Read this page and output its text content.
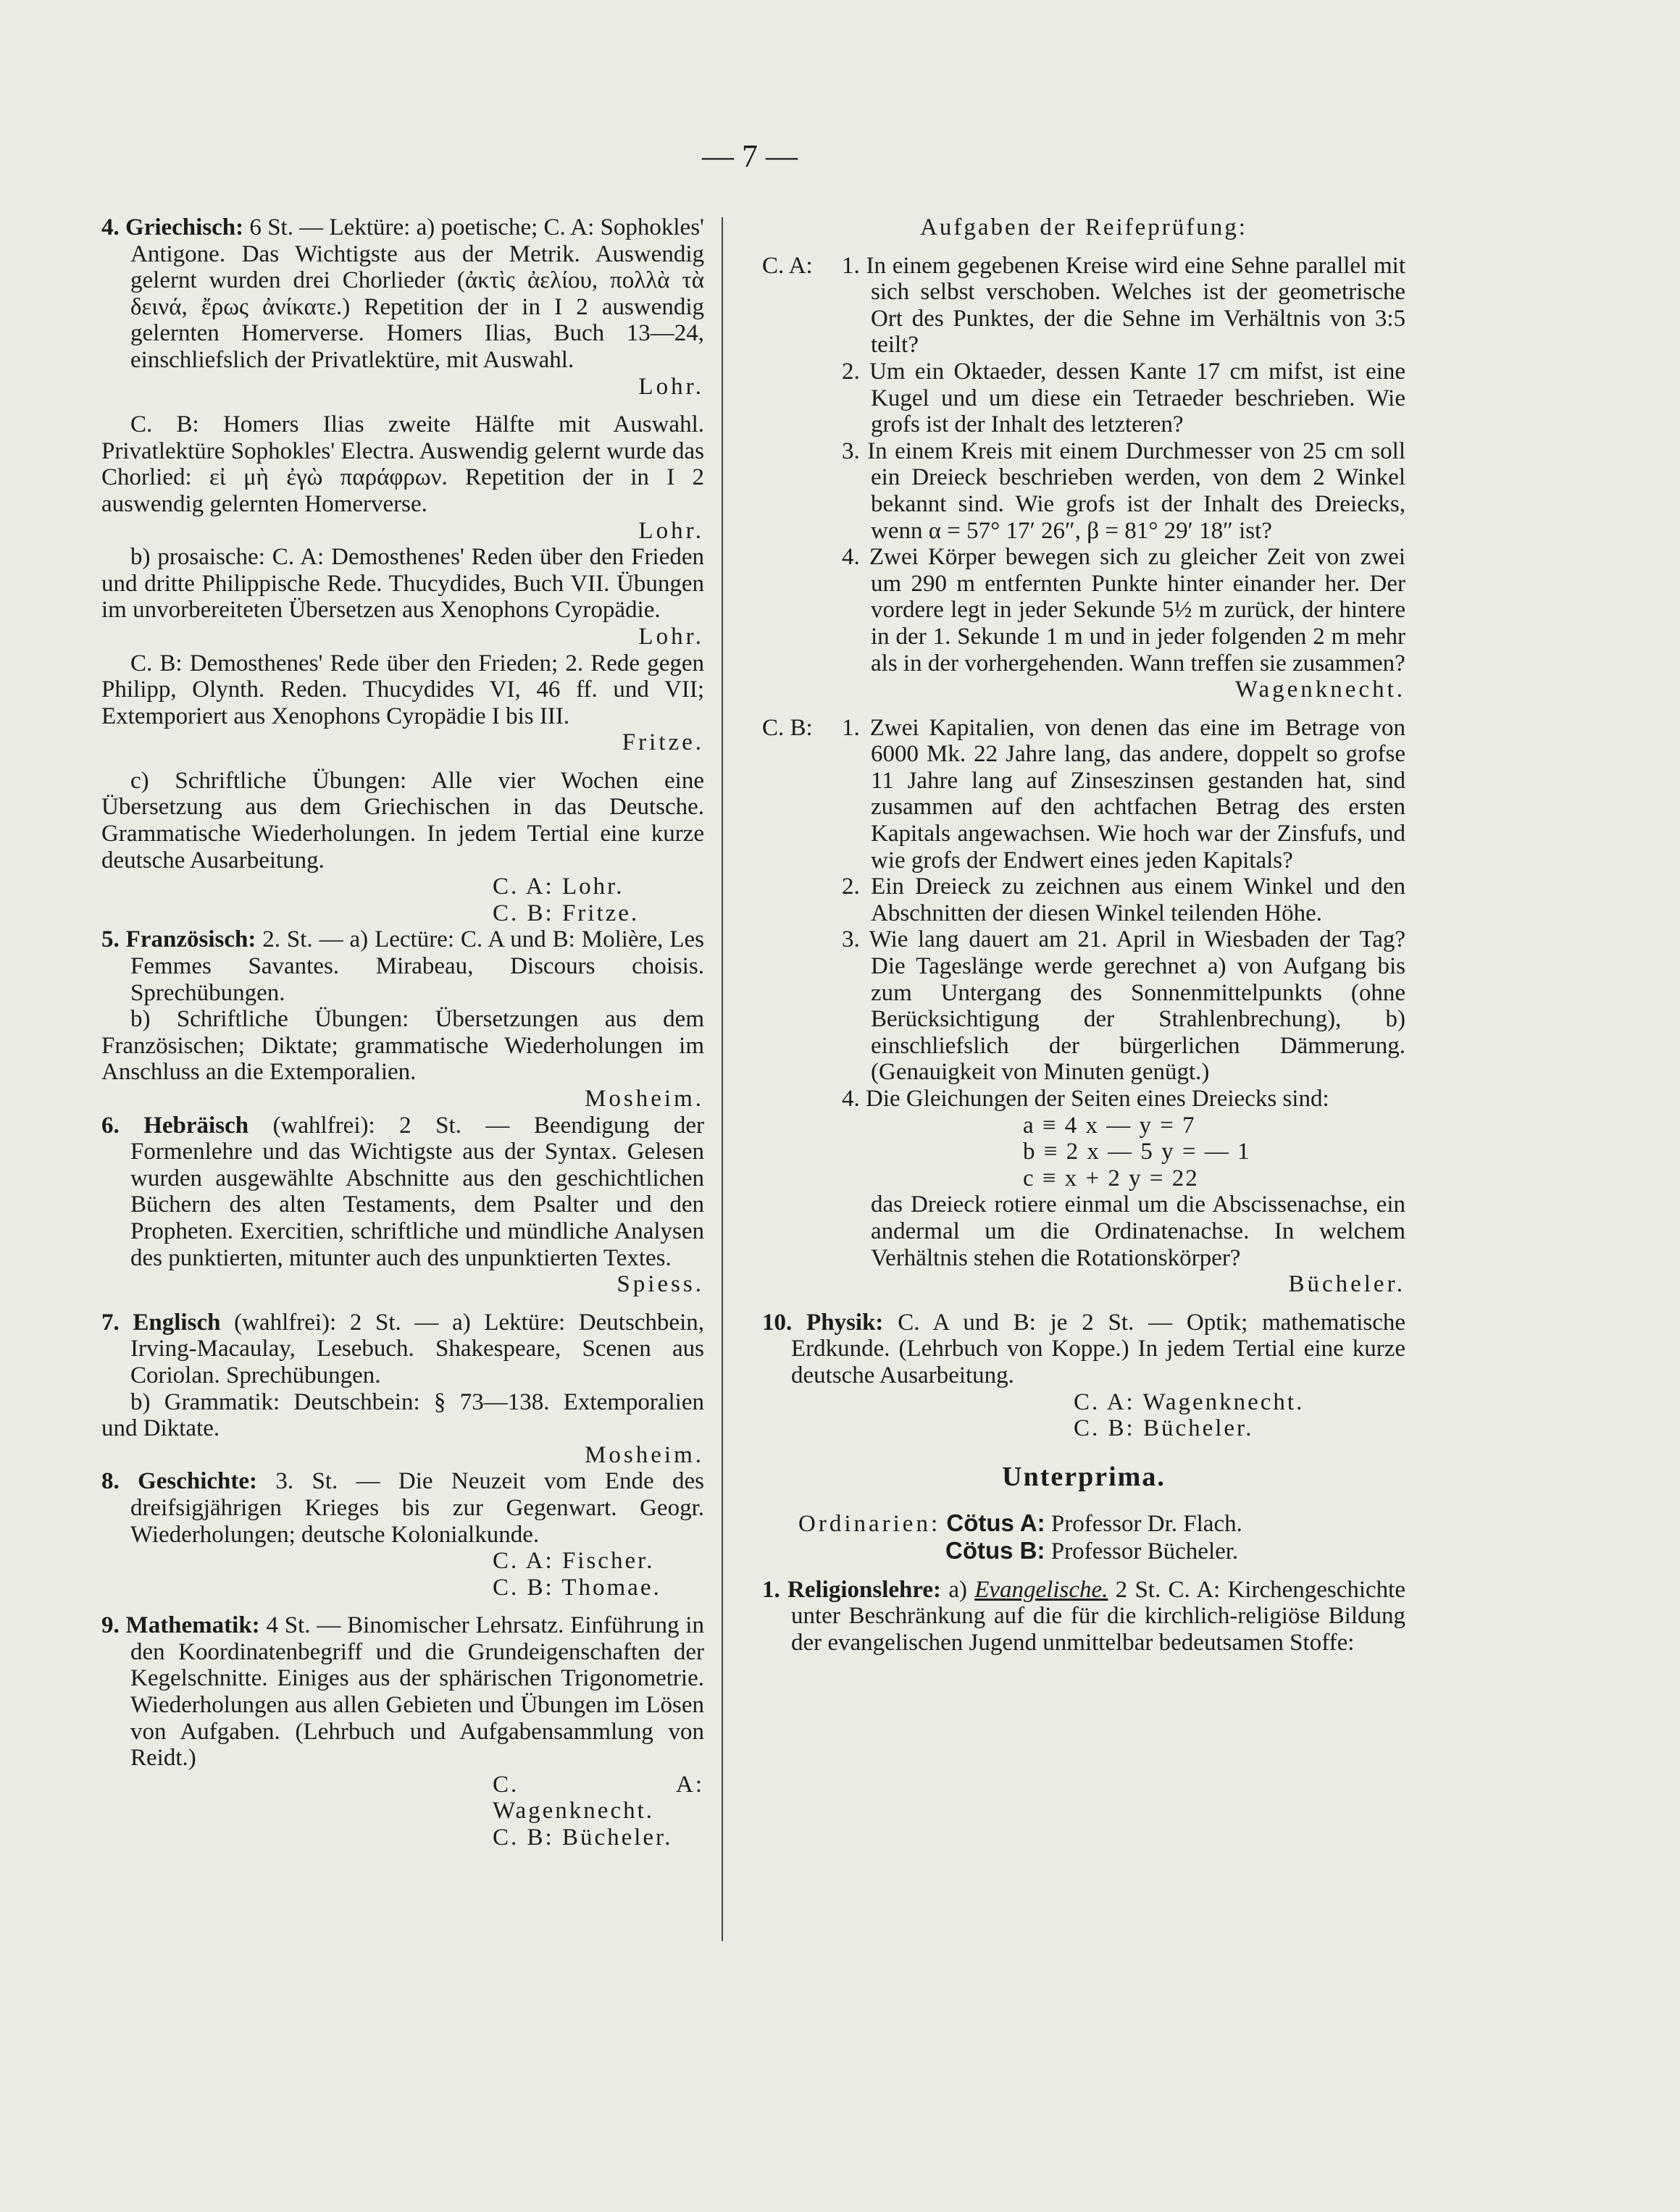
— 7 —

4. Griechisch: 6 St. — Lektüre: a) poetische; C. A: Sophokles' Antigone. Das Wichtigste aus der Metrik. Auswendig gelernt wurden drei Chorlieder (ἀκτὶς ἀελίου, πολλὰ τὰ δεινά, ἔρως ἀνίκατε.) Repetition der in I 2 auswendig gelernten Homerverse. Homers Ilias, Buch 13—24, einschliefslich der Privatlektüre, mit Auswahl.

Lohr.

C. B: Homers Ilias zweite Hälfte mit Auswahl. Privatlektüre Sophokles' Electra. Auswendig gelernt wurde das Chorlied: εἰ μὴ ἐγὼ παράφρων. Repetition der in I 2 auswendig gelernten Homerverse.

Lohr.

b) prosaische: C. A: Demosthenes' Reden über den Frieden und dritte Philippische Rede. Thucydides, Buch VII. Übungen im unvorbereiteten Übersetzen aus Xenophons Cyropädie.

Lohr.

C. B: Demosthenes' Rede über den Frieden; 2. Rede gegen Philipp, Olynth. Reden. Thucydides VI, 46 ff. und VII; Extemporiert aus Xenophons Cyropädie I bis III.

Fritze.

c) Schriftliche Übungen: Alle vier Wochen eine Übersetzung aus dem Griechischen in das Deutsche. Grammatische Wiederholungen. In jedem Tertial eine kurze deutsche Ausarbeitung.

C. A: Lohr.

C. B: Fritze.

5. Französisch: 2. St. — a) Lectüre: C. A und B: Molière, Les Femmes Savantes. Mirabeau, Discours choisis. Sprechübungen.

b) Schriftliche Übungen: Übersetzungen aus dem Französischen; Diktate; grammatische Wiederholungen im Anschluss an die Extemporalien.

Mosheim.

6. Hebräisch (wahlfrei): 2 St. — Beendigung der Formenlehre und das Wichtigste aus der Syntax. Gelesen wurden ausgewählte Abschnitte aus den geschichtlichen Büchern des alten Testaments, dem Psalter und den Propheten. Exercitien, schriftliche und mündliche Analysen des punktierten, mitunter auch des unpunktierten Textes.

Spiess.

7. Englisch (wahlfrei): 2 St. — a) Lektüre: Deutschbein, Irving-Macaulay, Lesebuch. Shakespeare, Scenen aus Coriolan. Sprechübungen.

b) Grammatik: Deutschbein: § 73—138. Extemporalien und Diktate.

Mosheim.

8. Geschichte: 3. St. — Die Neuzeit vom Ende des dreifsigjährigen Krieges bis zur Gegenwart. Geogr. Wiederholungen; deutsche Kolonialkunde.

C. A: Fischer.

C. B: Thomae.

9. Mathematik: 4 St. — Binomischer Lehrsatz. Einführung in den Koordinatenbegriff und die Grundeigenschaften der Kegelschnitte. Einiges aus der sphärischen Trigonometrie. Wiederholungen aus allen Gebieten und Übungen im Lösen von Aufgaben. (Lehrbuch und Aufgabensammlung von Reidt.)

C. A: Wagenknecht.

C. B: Bücheler.

Aufgaben der Reifeprüfung:

C. A:	1. In einem gegebenen Kreise wird eine Sehne parallel mit sich selbst verschoben. Welches ist der geometrische Ort des Punktes, der die Sehne im Verhältnis von 3:5 teilt?

2. Um ein Oktaeder, dessen Kante 17 cm mifst, ist eine Kugel und um diese ein Tetraeder beschrieben. Wie grofs ist der Inhalt des letzteren?

3. In einem Kreis mit einem Durchmesser von 25 cm soll ein Dreieck beschrieben werden, von dem 2 Winkel bekannt sind. Wie grofs ist der Inhalt des Dreiecks, wenn α = 57° 17′ 26″, β = 81° 29′ 18″ ist?

4. Zwei Körper bewegen sich zu gleicher Zeit von zwei um 290 m entfernten Punkte hinter einander her. Der vordere legt in jeder Sekunde 5½ m zurück, der hintere in der 1. Sekunde 1 m und in jeder folgenden 2 m mehr als in der vorhergehenden. Wann treffen sie zusammen?

Wagenknecht.

C. B:	1. Zwei Kapitalien, von denen das eine im Betrage von 6000 Mk. 22 Jahre lang, das andere, doppelt so grofse 11 Jahre lang auf Zinseszinsen gestanden hat, sind zusammen auf den achtfachen Betrag des ersten Kapitals angewachsen. Wie hoch war der Zinsfufs, und wie grofs der Endwert eines jeden Kapitals?

2. Ein Dreieck zu zeichnen aus einem Winkel und den Abschnitten der diesen Winkel teilenden Höhe.

3. Wie lang dauert am 21. April in Wiesbaden der Tag? Die Tageslänge werde gerechnet a) von Aufgang bis zum Untergang des Sonnenmittelpunkts (ohne Berücksichtigung der Strahlenbrechung), b) einschliefslich der bürgerlichen Dämmerung. (Genauigkeit von Minuten genügt.)

4. Die Gleichungen der Seiten eines Dreiecks sind:

a ≡ 4 x — y = 7

b ≡ 2 x — 5 y = — 1

c ≡ x + 2 y = 22

das Dreieck rotiere einmal um die Abscissenachse, ein andermal um die Ordinatenachse. In welchem Verhältnis stehen die Rotationskörper?

Bücheler.

10. Physik: C. A und B: je 2 St. — Optik; mathematische Erdkunde. (Lehrbuch von Koppe.) In jedem Tertial eine kurze deutsche Ausarbeitung.

C. A: Wagenknecht.

C. B: Bücheler.

Unterprima.

Ordinarien: Cötus A: Professor Dr. Flach.

Cötus B: Professor Bücheler.

1. Religionslehre: a) Evangelische. 2 St. C. A: Kirchengeschichte unter Beschränkung auf die für die kirchlich-religiöse Bildung der evangelischen Jugend unmittelbar bedeutsamen Stoffe:
